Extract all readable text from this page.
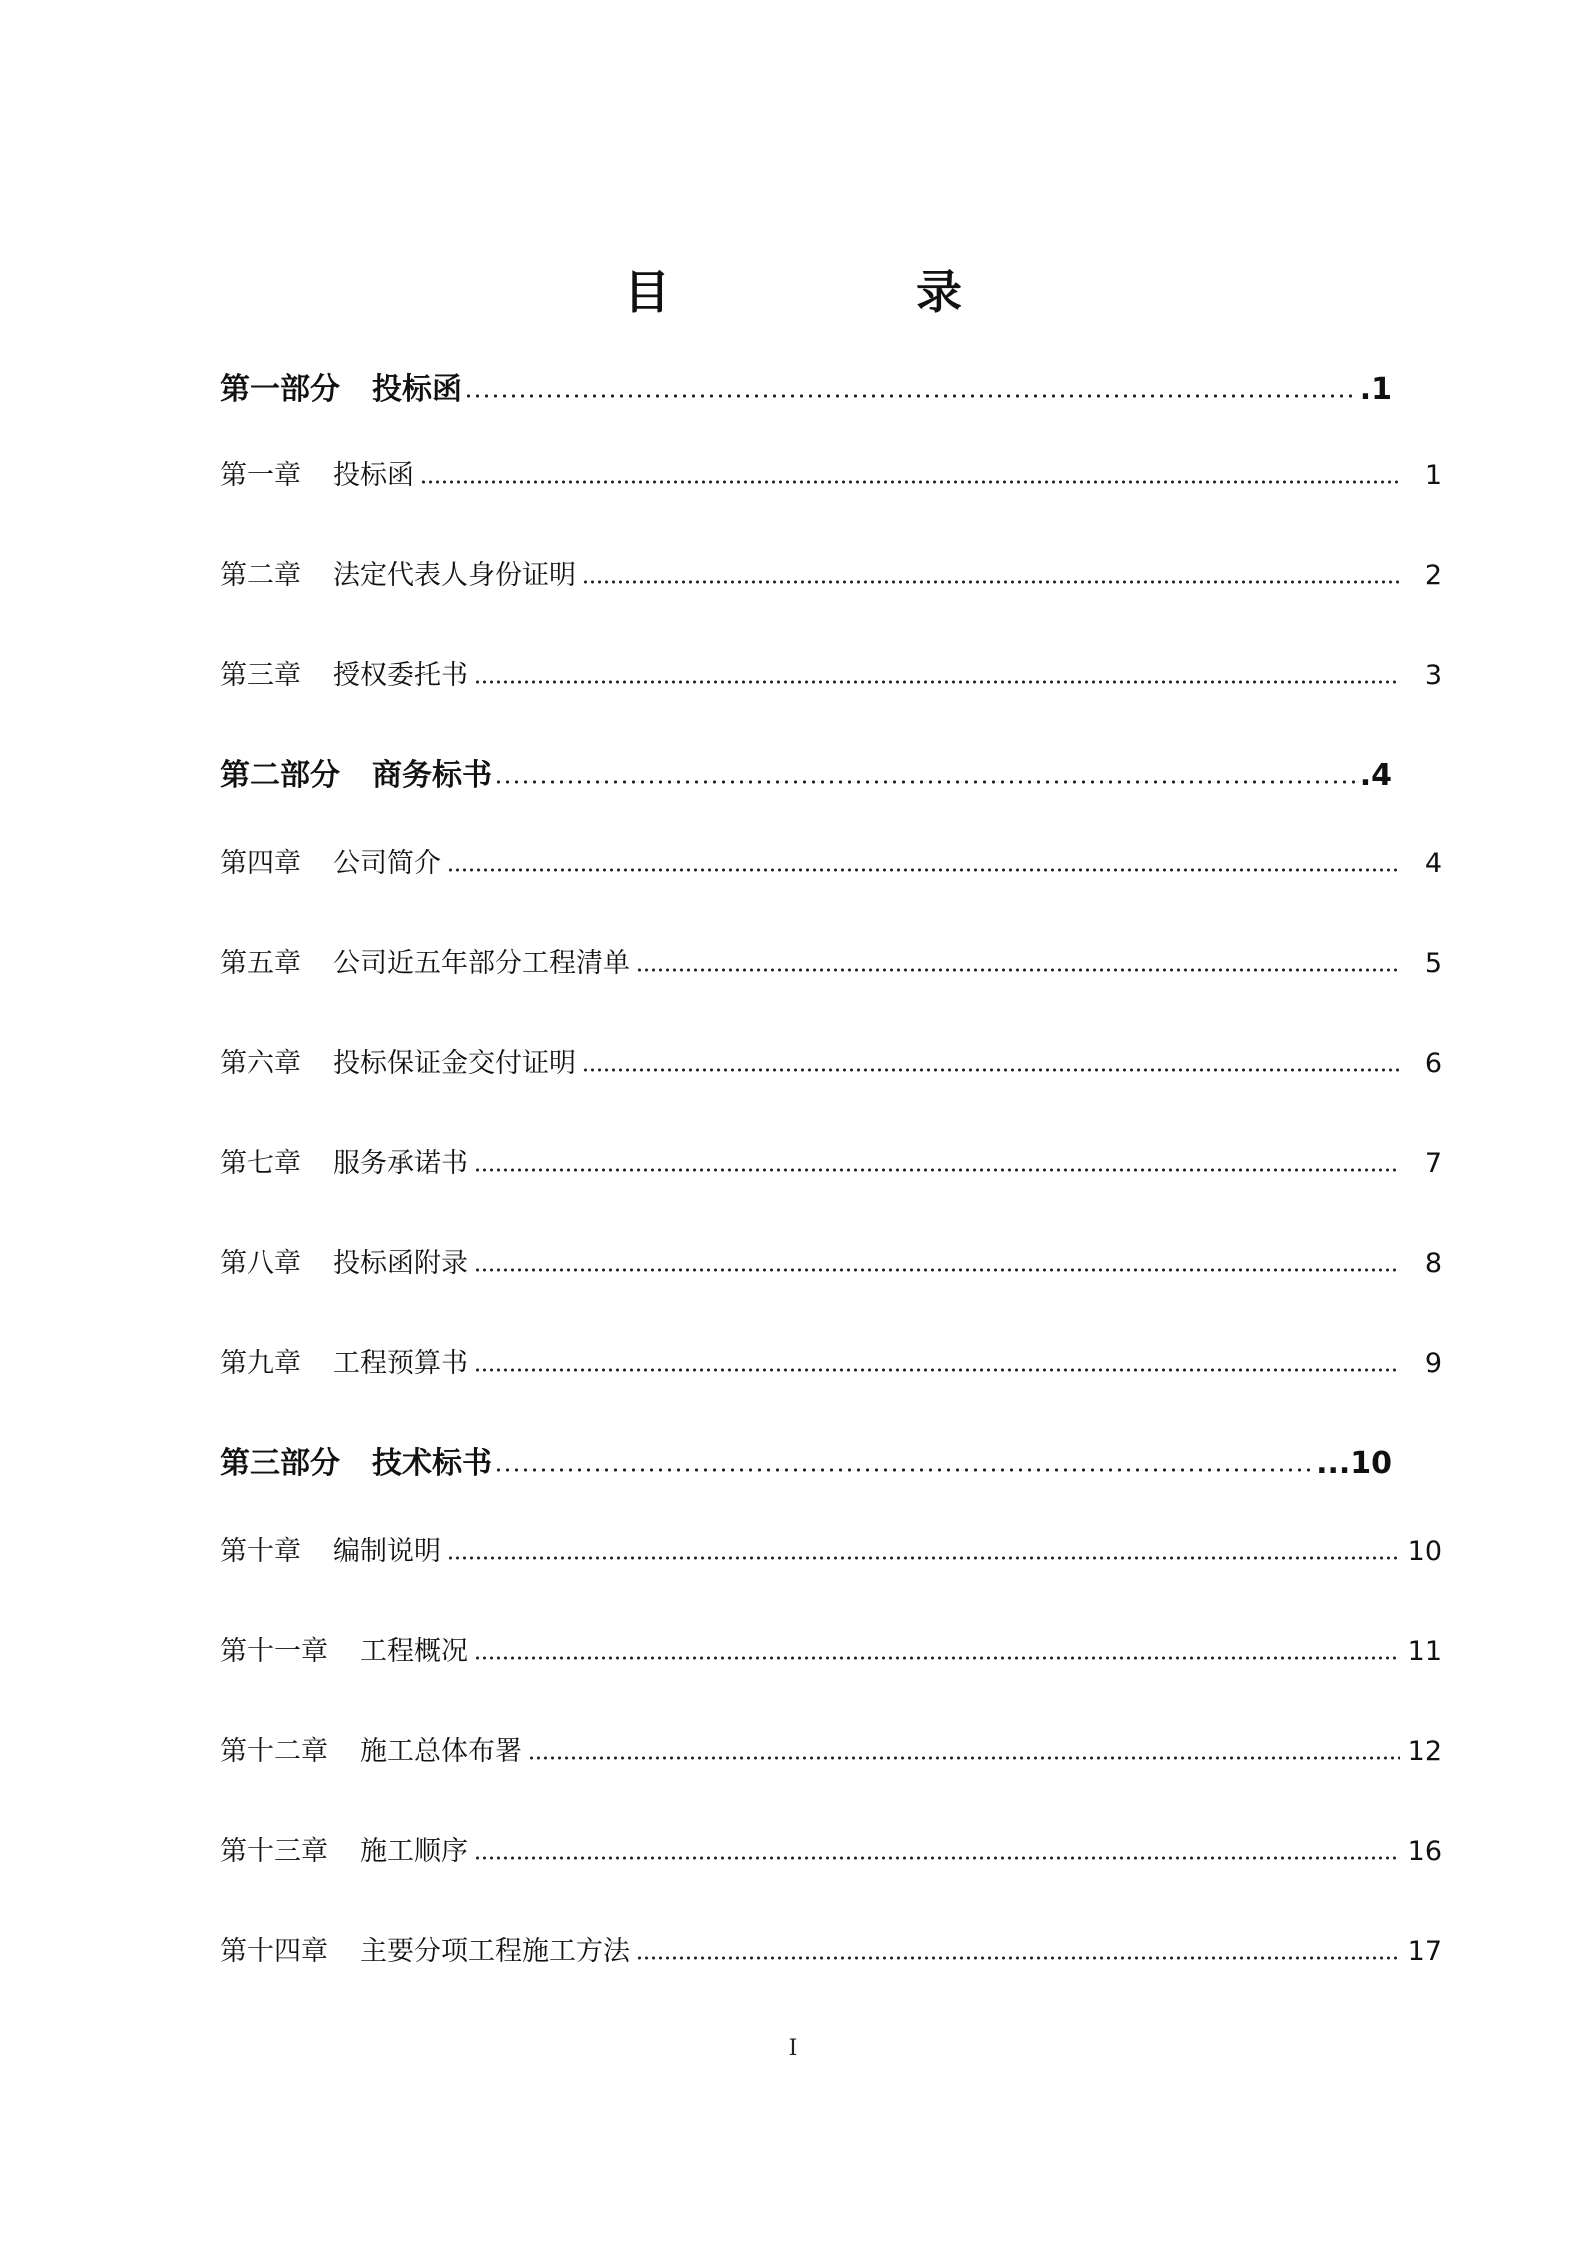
目　录
第一部分 投标函	.1
第一章 投标函	1
第二章 法定代表人身份证明	2
第三章 授权委托书	3
第二部分 商务标书	.4
第四章 公司简介	4
第五章 公司近五年部分工程清单	5
第六章 投标保证金交付证明	6
第七章 服务承诺书	7
第八章 投标函附录	8
第九章 工程预算书	9
第三部分 技术标书	...10
第十章 编制说明	10
第十一章 工程概况	11
第十二章 施工总体布署	12
第十三章 施工顺序	16
第十四章 主要分项工程施工方法	17
I
